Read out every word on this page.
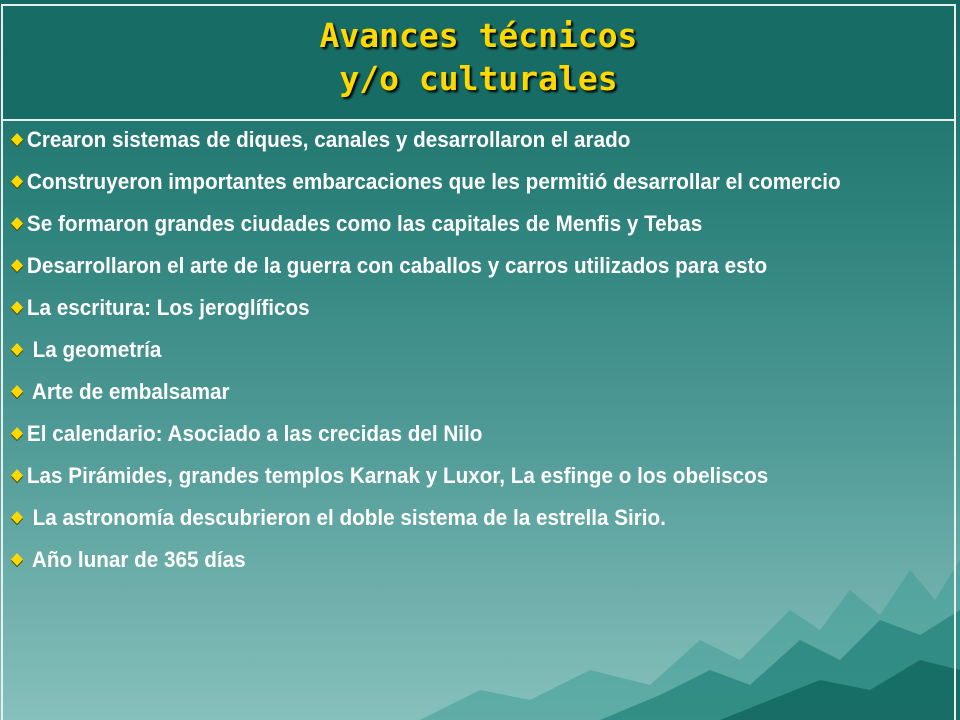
Avances técnicos
y/o culturales
Crearon sistemas de diques, canales y desarrollaron el arado
Construyeron importantes embarcaciones que les permitió desarrollar el comercio
Se formaron grandes ciudades como las capitales de Menfis y Tebas
Desarrollaron el arte de la guerra con caballos y carros utilizados para esto
La escritura: Los jeroglíficos
La geometría
Arte de embalsamar
El calendario: Asociado a las crecidas del Nilo
Las Pirámides, grandes templos Karnak y Luxor, La esfinge o los obeliscos
La astronomía descubrieron el doble sistema de la estrella Sirio.
Año lunar de 365 días
